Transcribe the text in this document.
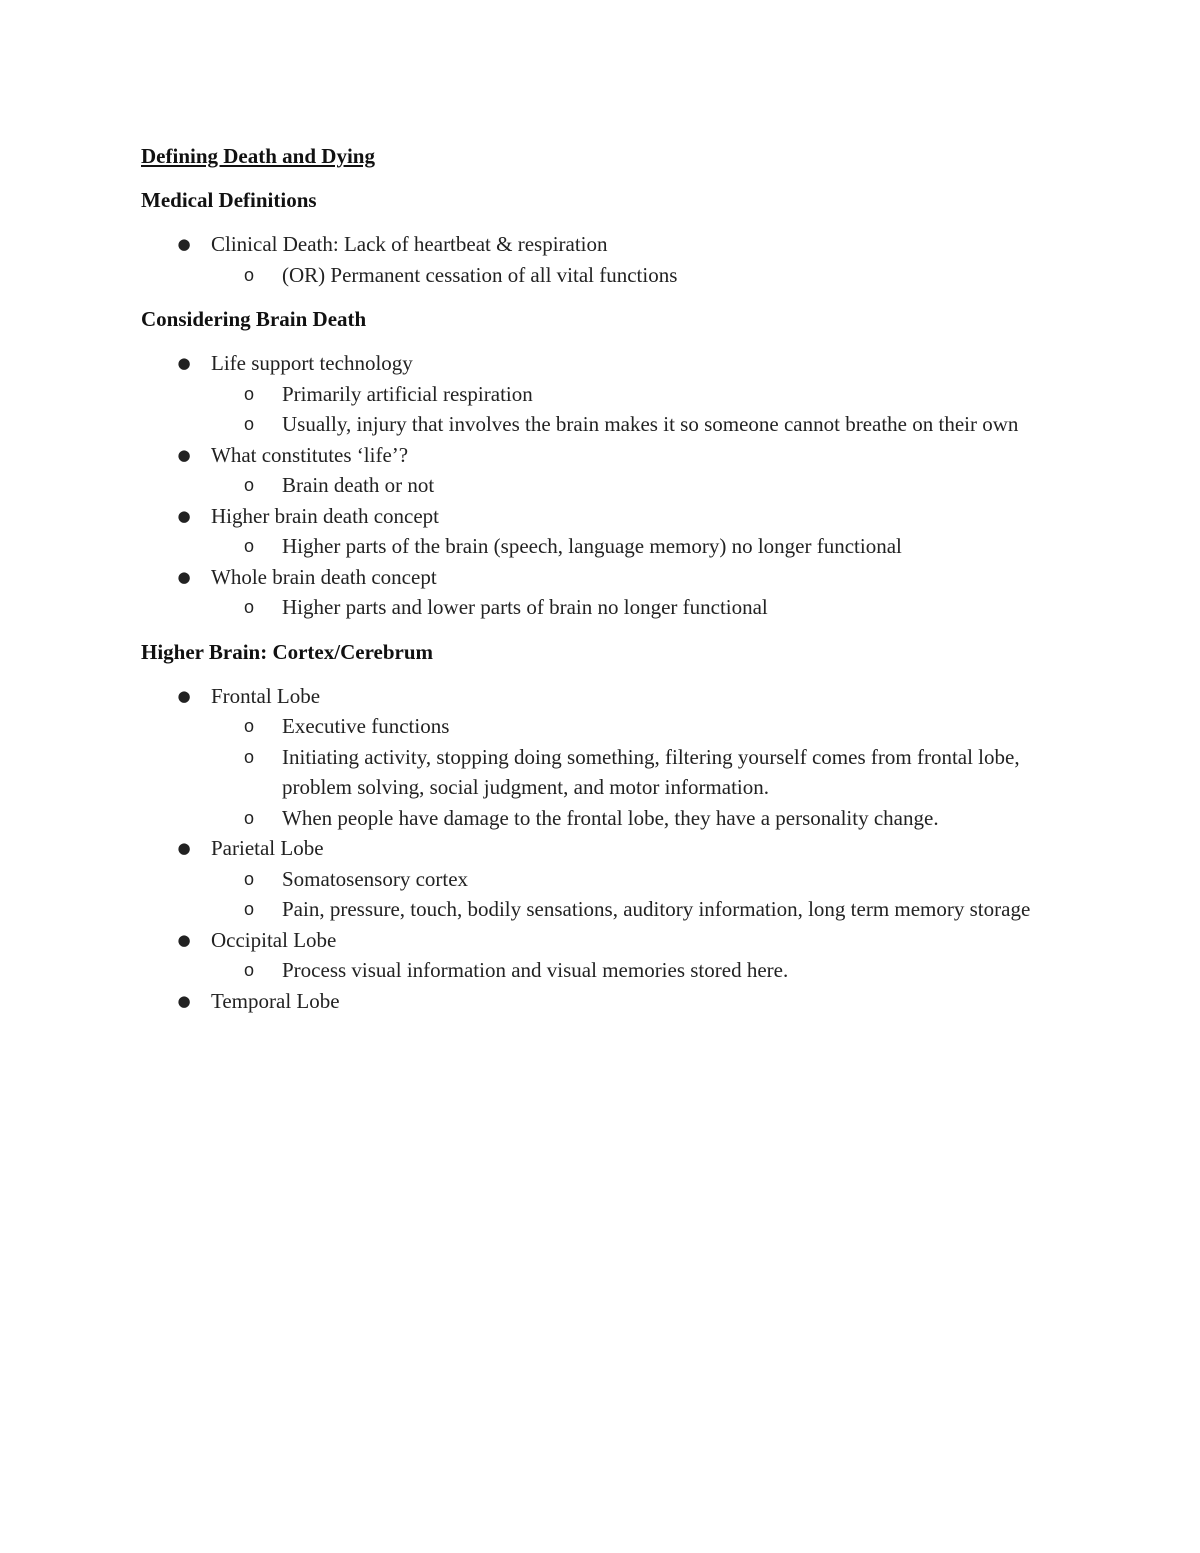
Defining Death and Dying
Medical Definitions
● Clinical Death: Lack of heartbeat & respiration
o (OR) Permanent cessation of all vital functions
Considering Brain Death
● Life support technology
o Primarily artificial respiration
o Usually, injury that involves the brain makes it so someone cannot breathe on their own
● What constitutes ‘life’?
o Brain death or not
● Higher brain death concept
o Higher parts of the brain (speech, language memory) no longer functional
● Whole brain death concept
o Higher parts and lower parts of brain no longer functional
Higher Brain: Cortex/Cerebrum
● Frontal Lobe
o Executive functions
o Initiating activity, stopping doing something, filtering yourself comes from frontal lobe, problem solving, social judgment, and motor information.
o When people have damage to the frontal lobe, they have a personality change.
● Parietal Lobe
o Somatosensory cortex
o Pain, pressure, touch, bodily sensations, auditory information, long term memory storage
● Occipital Lobe
o Process visual information and visual memories stored here.
● Temporal Lobe
